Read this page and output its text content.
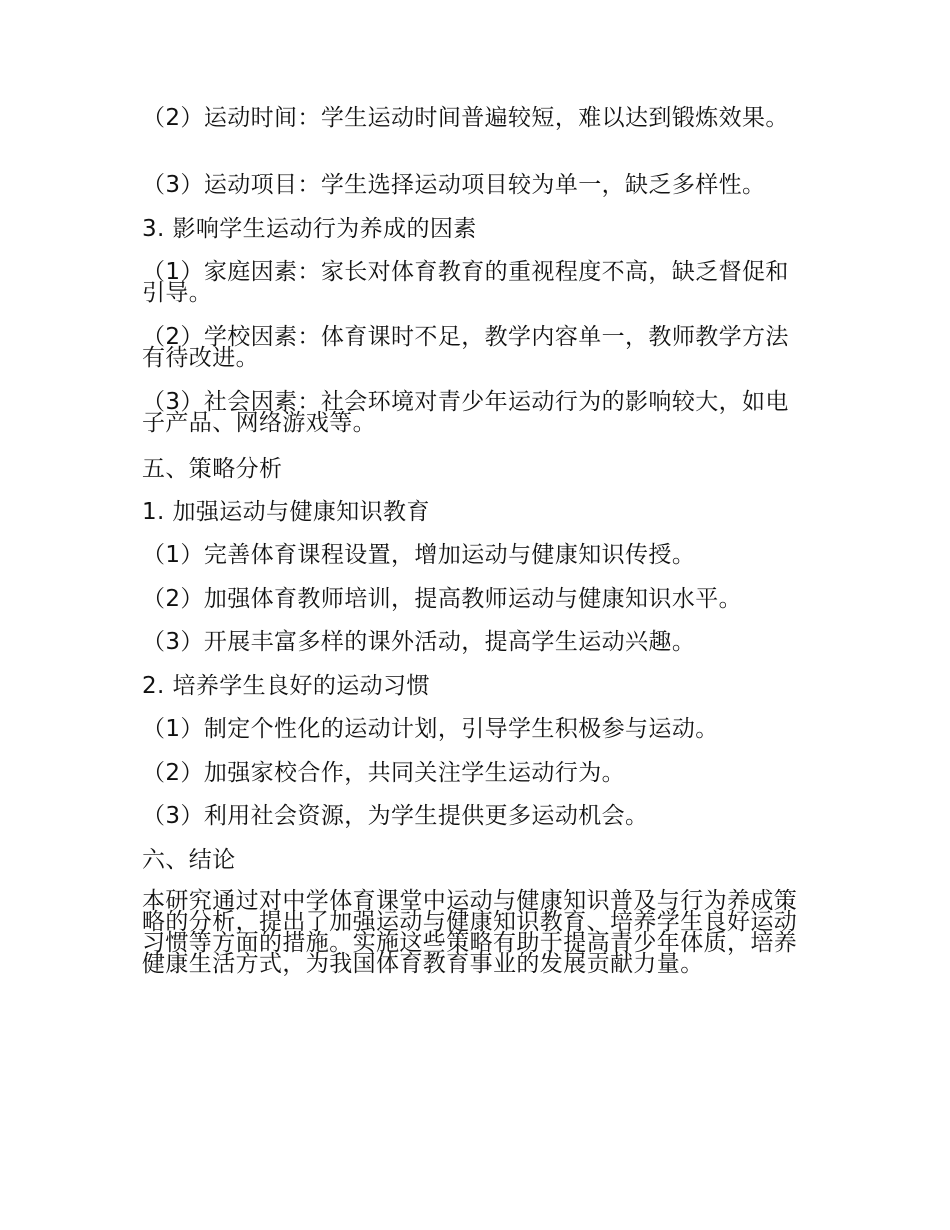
（2）运动时间：学生运动时间普遍较短，难以达到锻炼效果。

（3）运动项目：学生选择运动项目较为单一，缺乏多样性。

3. 影响学生运动行为养成的因素

（1）家庭因素：家长对体育教育的重视程度不高，缺乏督促和引导。

（2）学校因素：体育课时不足，教学内容单一，教师教学方法有待改进。

（3）社会因素：社会环境对青少年运动行为的影响较大，如电子产品、网络游戏等。

五、策略分析

1. 加强运动与健康知识教育

（1）完善体育课程设置，增加运动与健康知识传授。

（2）加强体育教师培训，提高教师运动与健康知识水平。

（3）开展丰富多样的课外活动，提高学生运动兴趣。

2. 培养学生良好的运动习惯

（1）制定个性化的运动计划，引导学生积极参与运动。

（2）加强家校合作，共同关注学生运动行为。

（3）利用社会资源，为学生提供更多运动机会。

六、结论

本研究通过对中学体育课堂中运动与健康知识普及与行为养成策略的分析，提出了加强运动与健康知识教育、培养学生良好运动习惯等方面的措施。实施这些策略有助于提高青少年体质，培养健康生活方式，为我国体育教育事业的发展贡献力量。
